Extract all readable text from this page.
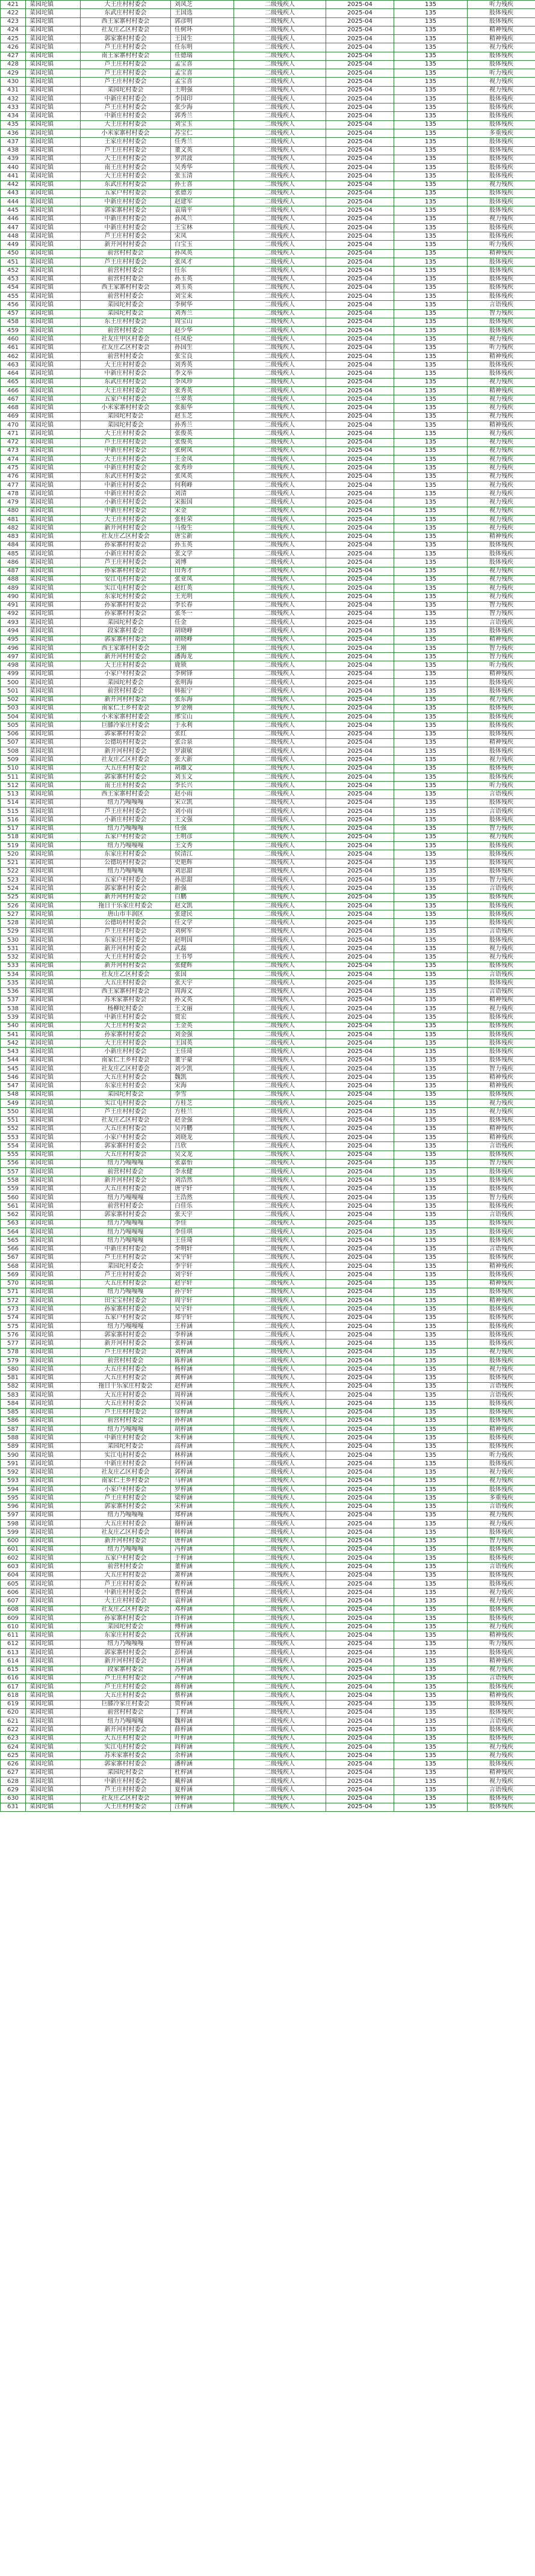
421	菜园坨镇	大王庄村村委会	刘凤芝	二级残疾人	2025-04	135	听力残疾
422	菜园坨镇	东武庄村村委会	王国选	二级残疾人	2025-04	135	肢体残疾
423	菜园坨镇	西王家寨村村委会	郭彦明	二级残疾人	2025-04	135	肢体残疾
424	菜园坨镇	社友庄乙区村委会	任树环	二级残疾人	2025-04	135	精神残疾
425	菜园坨镇	郭家寨村村委会	王国生	二级残疾人	2025-04	135	精神残疾
426	菜园坨镇	芦王庄村村委会	任东明	二级残疾人	2025-04	135	视力残疾
427	菜园坨镇	南王家寨村村委会	任德瑞	二级残疾人	2025-04	135	肢体残疾
428	菜园坨镇	芦王庄村村委会	孟宝喜	二级残疾人	2025-04	135	肢体残疾
429	菜园坨镇	芦王庄村村委会	孟宝喜	二级残疾人	2025-04	135	听力残疾
430	菜园坨镇	芦王庄村村委会	孟宝喜	二级残疾人	2025-04	135	视力残疾
431	菜园坨镇	菜园坨村委会	王明强	二级残疾人	2025-04	135	视力残疾
432	菜园坨镇	中新庄村村委会	李国印	二级残疾人	2025-04	135	肢体残疾
433	菜园坨镇	芦王庄村村委会	张少海	二级残疾人	2025-04	135	肢体残疾
434	菜园坨镇	中新庄村村委会	郭秀兰	二级残疾人	2025-04	135	肢体残疾
435	菜园坨镇	大王庄村村委会	刘宝玉	二级残疾人	2025-04	135	肢体残疾
436	菜园坨镇	小米家寨村村委会	苏宝仁	二级残疾人	2025-04	135	多重残疾
437	菜园坨镇	王家庄村村委会	任秀兰	二级残疾人	2025-04	135	肢体残疾
438	菜园坨镇	芦王庄村村委会	董文英	二级残疾人	2025-04	135	肢体残疾
439	菜园坨镇	大王庄村村委会	罗洪波	二级残疾人	2025-04	135	肢体残疾
440	菜园坨镇	南王庄村村委会	吴秀华	二级残疾人	2025-04	135	肢体残疾
441	菜园坨镇	大王庄村村委会	张玉清	二级残疾人	2025-04	135	肢体残疾
442	菜园坨镇	东武庄村村委会	孙士喜	二级残疾人	2025-04	135	视力残疾
443	菜园坨镇	五家户村村委会	张德芳	二级残疾人	2025-04	135	肢体残疾
444	菜园坨镇	中新庄村村委会	赵建军	二级残疾人	2025-04	135	肢体残疾
445	菜园坨镇	郭家寨村村委会	袁瑞平	二级残疾人	2025-04	135	肢体残疾
446	菜园坨镇	中新庄村村委会	孙凤兰	二级残疾人	2025-04	135	视力残疾
447	菜园坨镇	中新庄村村委会	王宝林	二级残疾人	2025-04	135	肢体残疾
448	菜园坨镇	芦王庄村村委会	宋凤	二级残疾人	2025-04	135	肢体残疾
449	菜园坨镇	新开河村村委会	白宝玉	二级残疾人	2025-04	135	听力残疾
450	菜园坨镇	前营村村委会	孙凤英	二级残疾人	2025-04	135	精神残疾
451	菜园坨镇	芦王庄村村委会	张凤才	二级残疾人	2025-04	135	肢体残疾
452	菜园坨镇	前营村村委会	任东	二级残疾人	2025-04	135	肢体残疾
453	菜园坨镇	前营村村委会	孙玉英	二级残疾人	2025-04	135	肢体残疾
454	菜园坨镇	西王家寨村村委会	刘玉英	二级残疾人	2025-04	135	肢体残疾
455	菜园坨镇	前营村村委会	刘宝来	二级残疾人	2025-04	135	肢体残疾
456	菜园坨镇	菜园坨村委会	李树华	二级残疾人	2025-04	135	言语残疾
457	菜园坨镇	菜园坨村委会	刘秀兰	二级残疾人	2025-04	135	智力残疾
458	菜园坨镇	东王庄村村委会	周宝山	二级残疾人	2025-04	135	肢体残疾
459	菜园坨镇	前营村村委会	赵少华	二级残疾人	2025-04	135	肢体残疾
460	菜园坨镇	社友庄甲区村委会	任凤伦	二级残疾人	2025-04	135	视力残疾
461	菜园坨镇	社友庄乙区村委会	孙国生	二级残疾人	2025-04	135	听力残疾
462	菜园坨镇	前营村村委会	张宝良	二级残疾人	2025-04	135	精神残疾
463	菜园坨镇	大王庄村村委会	刘秀英	二级残疾人	2025-04	135	肢体残疾
464	菜园坨镇	中新庄村村委会	李文举	二级残疾人	2025-04	135	肢体残疾
465	菜园坨镇	东武庄村村委会	李凤珍	二级残疾人	2025-04	135	视力残疾
466	菜园坨镇	大王庄村村委会	张秀英	二级残疾人	2025-04	135	精神残疾
467	菜园坨镇	五家户村村委会	兰翠英	二级残疾人	2025-04	135	视力残疾
468	菜园坨镇	小米家寨村村委会	张振华	二级残疾人	2025-04	135	视力残疾
469	菜园坨镇	菜园坨村委会	赵玉芝	二级残疾人	2025-04	135	视力残疾
470	菜园坨镇	菜园坨村委会	孙秀兰	二级残疾人	2025-04	135	精神残疾
471	菜园坨镇	大王庄村村委会	张俊英	二级残疾人	2025-04	135	视力残疾
472	菜园坨镇	芦王庄村村委会	张俊英	二级残疾人	2025-04	135	视力残疾
473	菜园坨镇	中新庄村村委会	张树凤	二级残疾人	2025-04	135	视力残疾
474	菜园坨镇	大王庄村村委会	王金凤	二级残疾人	2025-04	135	视力残疾
475	菜园坨镇	中新庄村村委会	张秀珍	二级残疾人	2025-04	135	视力残疾
476	菜园坨镇	东武庄村村委会	张凤英	二级残疾人	2025-04	135	视力残疾
477	菜园坨镇	中新庄村村委会	何利峰	二级残疾人	2025-04	135	视力残疾
478	菜园坨镇	中新庄村村委会	刘清	二级残疾人	2025-04	135	视力残疾
479	菜园坨镇	小新庄村村委会	宋振国	二级残疾人	2025-04	135	视力残疾
480	菜园坨镇	中新庄村村委会	宋金	二级残疾人	2025-04	135	视力残疾
481	菜园坨镇	大王庄村村委会	张桂荣	二级残疾人	2025-04	135	视力残疾
482	菜园坨镇	新开河村村委会	马俊生	二级残疾人	2025-04	135	视力残疾
483	菜园坨镇	社友庄乙区村委会	唐宝新	二级残疾人	2025-04	135	精神残疾
484	菜园坨镇	孙家寨村村委会	孙玉英	二级残疾人	2025-04	135	肢体残疾
485	菜园坨镇	小新庄村村委会	张文学	二级残疾人	2025-04	135	肢体残疾
486	菜园坨镇	芦王庄村村委会	刘博	二级残疾人	2025-04	135	肢体残疾
487	菜园坨镇	孙家寨村村委会	田秀才	二级残疾人	2025-04	135	视力残疾
488	菜园坨镇	安江屯村村委会	张亚凤	二级残疾人	2025-04	135	视力残疾
489	菜园坨镇	实江屯村村委会	赵红英	二级残疾人	2025-04	135	视力残疾
490	菜园坨镇	东家坨村村委会	王光明	二级残疾人	2025-04	135	视力残疾
491	菜园坨镇	孙家寨村村委会	李长春	二级残疾人	2025-04	135	智力残疾
492	菜园坨镇	孙家寨村村委会	张冬一	二级残疾人	2025-04	135	智力残疾
493	菜园坨镇	菜园坨村委会	任金	二级残疾人	2025-04	135	言语残疾
494	菜园坨镇	段家寨村委会	胡晓峰	二级残疾人	2025-04	135	肢体残疾
495	菜园坨镇	郭家寨村村委会	胡晓峰	二级残疾人	2025-04	135	精神残疾
496	菜园坨镇	西王家寨村村委会	王刚	二级残疾人	2025-04	135	智力残疾
497	菜园坨镇	新开河村村委会	潘海龙	二级残疾人	2025-04	135	智力残疾
498	菜园坨镇	大王庄村村委会	鹿锁	二级残疾人	2025-04	135	听力残疾
499	菜园坨镇	小家户村村委会	李树锋	二级残疾人	2025-04	135	精神残疾
500	菜园坨镇	菜园坨村委会	张明海	二级残疾人	2025-04	135	肢体残疾
501	菜园坨镇	前营村村委会	韩振宁	二级残疾人	2025-04	135	肢体残疾
502	菜园坨镇	新开河村村委会	张东海	二级残疾人	2025-04	135	视力残疾
503	菜园坨镇	南家仁王乡村委会	罗金刚	二级残疾人	2025-04	135	肢体残疾
504	菜园坨镇	小米家寨村村委会	邢宝山	二级残疾人	2025-04	135	肢体残疾
505	菜园坨镇	巨膝冷家庄村委会	于永利	二级残疾人	2025-04	135	肢体残疾
506	菜园坨镇	郭家寨村村委会	张红	二级残疾人	2025-04	135	肢体残疾
507	菜园坨镇	公德坊村村委会	张合泉	二级残疾人	2025-04	135	精神残疾
508	菜园坨镇	新开河村村委会	罗淑敏	二级残疾人	2025-04	135	肢体残疾
509	菜园坨镇	社友庄乙区村委会	张大新	二级残疾人	2025-04	135	视力残疾
510	菜园坨镇	大五庄村村委会	胡雄文	二级残疾人	2025-04	135	肢体残疾
511	菜园坨镇	郭家寨村村委会	刘玉文	二级残疾人	2025-04	135	肢体残疾
512	菜园坨镇	南王庄村村委会	李长兴	二级残疾人	2025-04	135	听力残疾
513	菜园坨镇	西王家寨村村委会	赵小雨	二级残疾人	2025-04	135	言语残疾
514	菜园坨镇	纽力乃嘎嘎嘎	宋立凯	二级残疾人	2025-04	135	肢体残疾
515	菜园坨镇	芦王庄村村委会	刘小雨	二级残疾人	2025-04	135	言语残疾
516	菜园坨镇	小新庄村村委会	王文强	二级残疾人	2025-04	135	肢体残疾
517	菜园坨镇	纽力乃嘎嘎嘎	任强	二级残疾人	2025-04	135	智力残疾
518	菜园坨镇	五家户村村委会	王明彦	二级残疾人	2025-04	135	视力残疾
519	菜园坨镇	纽力乃嘎嘎嘎	王文秀	二级残疾人	2025-04	135	肢体残疾
520	菜园坨镇	东家庄村村委会	侯清江	二级残疾人	2025-04	135	肢体残疾
521	菜园坨镇	公德坊村村委会	史艳辉	二级残疾人	2025-04	135	肢体残疾
522	菜园坨镇	纽力乃嘎嘎嘎	刘思甜	二级残疾人	2025-04	135	肢体残疾
523	菜园坨镇	五家户村村委会	孙思甜	二级残疾人	2025-04	135	智力残疾
524	菜园坨镇	郭家寨村村委会	新强	二级残疾人	2025-04	135	言语残疾
525	菜园坨镇	新开河村村委会	白鹏	二级残疾人	2025-04	135	肢体残疾
526	菜园坨镇	拖日干乐家庄村委会	赵文凯	二级残疾人	2025-04	135	肢体残疾
527	菜园坨镇	唐山市丰润区	张建民	二级残疾人	2025-04	135	肢体残疾
528	菜园坨镇	公德坊村村委会	任文学	二级残疾人	2025-04	135	肢体残疾
529	菜园坨镇	芦王庄村村委会	刘树军	二级残疾人	2025-04	135	言语残疾
530	菜园坨镇	东家庄村村委会	赵明国	二级残疾人	2025-04	135	肢体残疾
531	菜园坨镇	新开河村村委会	武磊	二级残疾人	2025-04	135	视力残疾
532	菜园坨镇	大王庄村村委会	王书琴	二级残疾人	2025-04	135	视力残疾
533	菜园坨镇	新开河村村委会	张健辉	二级残疾人	2025-04	135	肢体残疾
534	菜园坨镇	社友庄乙区村委会	张国	二级残疾人	2025-04	135	言语残疾
535	菜园坨镇	大五庄村村委会	张天宇	二级残疾人	2025-04	135	肢体残疾
536	菜园坨镇	西王家寨村村委会	周海文	二级残疾人	2025-04	135	言语残疾
537	菜园坨镇	苏米家寨村委会	孙文英	二级残疾人	2025-04	135	精神残疾
538	菜园坨镇	杨柳坨村委会	王文丽	二级残疾人	2025-04	135	视力残疾
539	菜园坨镇	中新庄村村委会	贾宏	二级残疾人	2025-04	135	肢体残疾
540	菜园坨镇	大王庄村村委会	王金英	二级残疾人	2025-04	135	肢体残疾
541	菜园坨镇	孙家寨村村委会	刘金强	二级残疾人	2025-04	135	肢体残疾
542	菜园坨镇	大王庄村村委会	王国英	二级残疾人	2025-04	135	肢体残疾
543	菜园坨镇	小新庄村村委会	王佳琦	二级残疾人	2025-04	135	肢体残疾
544	菜园坨镇	南家仁王乡村委会	董宇豪	二级残疾人	2025-04	135	肢体残疾
545	菜园坨镇	社友庄乙区村委会	刘少凯	二级残疾人	2025-04	135	智力残疾
546	菜园坨镇	大五庄村村委会	魏凯	二级残疾人	2025-04	135	精神残疾
547	菜园坨镇	东家庄村村委会	宋海	二级残疾人	2025-04	135	精神残疾
548	菜园坨镇	菜园坨村委会	李雪	二级残疾人	2025-04	135	肢体残疾
549	菜园坨镇	实江屯村村委会	方桂芝	二级残疾人	2025-04	135	视力残疾
550	菜园坨镇	芦王庄村村委会	方桂兰	二级残疾人	2025-04	135	视力残疾
551	菜园坨镇	社友庄乙区村委会	赵金强	二级残疾人	2025-04	135	肢体残疾
552	菜园坨镇	大五庄村村委会	吴丹鹏	二级残疾人	2025-04	135	精神残疾
553	菜园坨镇	小家户村村委会	刘晓龙	二级残疾人	2025-04	135	精神残疾
554	菜园坨镇	郭家寨村村委会	吕欣	二级残疾人	2025-04	135	言语残疾
555	菜园坨镇	大五庄村村委会	吴文龙	二级残疾人	2025-04	135	肢体残疾
556	菜园坨镇	纽力乃嘎嘎嘎	张嘉怡	二级残疾人	2025-04	135	智力残疾
557	菜园坨镇	前营村村委会	李永健	二级残疾人	2025-04	135	肢体残疾
558	菜园坨镇	新开河村村委会	刘浩然	二级残疾人	2025-04	135	肢体残疾
559	菜园坨镇	大五庄村村委会	唐宇轩	二级残疾人	2025-04	135	肢体残疾
560	菜园坨镇	纽力乃嘎嘎嘎	王浩然	二级残疾人	2025-04	135	智力残疾
561	菜园坨镇	前营村村委会	白佳乐	二级残疾人	2025-04	135	肢体残疾
562	菜园坨镇	郭家寨村村委会	张天宇	二级残疾人	2025-04	135	言语残疾
563	菜园坨镇	纽力乃嘎嘎嘎	李佳	二级残疾人	2025-04	135	肢体残疾
564	菜园坨镇	纽力乃嘎嘎嘎	李佳琪	二级残疾人	2025-04	135	肢体残疾
565	菜园坨镇	纽力乃嘎嘎嘎	王佳琦	二级残疾人	2025-04	135	肢体残疾
566	菜园坨镇	中新庄村村委会	李明轩	二级残疾人	2025-04	135	言语残疾
567	菜园坨镇	芦王庄村村委会	宋宇轩	二级残疾人	2025-04	135	肢体残疾
568	菜园坨镇	菜园坨村委会	李宇轩	二级残疾人	2025-04	135	精神残疾
569	菜园坨镇	芦王庄村村委会	刘宇轩	二级残疾人	2025-04	135	肢体残疾
570	菜园坨镇	大五庄村村委会	赵宇轩	二级残疾人	2025-04	135	精神残疾
571	菜园坨镇	纽力乃嘎嘎嘎	孙宇轩	二级残疾人	2025-04	135	肢体残疾
572	菜园坨镇	田宝宝村村委会	周宇轩	二级残疾人	2025-04	135	精神残疾
573	菜园坨镇	孙家寨村村委会	吴宇轩	二级残疾人	2025-04	135	肢体残疾
574	菜园坨镇	五家户村村委会	郑宇轩	二级残疾人	2025-04	135	肢体残疾
575	菜园坨镇	纽力乃嘎嘎嘎	王梓涵	二级残疾人	2025-04	135	肢体残疾
576	菜园坨镇	郭家寨村村委会	李梓涵	二级残疾人	2025-04	135	肢体残疾
577	菜园坨镇	新开河村村委会	张梓涵	二级残疾人	2025-04	135	肢体残疾
578	菜园坨镇	芦王庄村村委会	刘梓涵	二级残疾人	2025-04	135	视力残疾
579	菜园坨镇	前营村村委会	陈梓涵	二级残疾人	2025-04	135	肢体残疾
580	菜园坨镇	大五庄村村委会	杨梓涵	二级残疾人	2025-04	135	视力残疾
581	菜园坨镇	大五庄村村委会	黄梓涵	二级残疾人	2025-04	135	肢体残疾
582	菜园坨镇	拖日干乐家庄村委会	赵梓涵	二级残疾人	2025-04	135	言语残疾
583	菜园坨镇	大五庄村村委会	周梓涵	二级残疾人	2025-04	135	言语残疾
584	菜园坨镇	大五庄村村委会	吴梓涵	二级残疾人	2025-04	135	肢体残疾
585	菜园坨镇	芦王庄村村委会	徐梓涵	二级残疾人	2025-04	135	肢体残疾
586	菜园坨镇	前营村村委会	孙梓涵	二级残疾人	2025-04	135	肢体残疾
587	菜园坨镇	纽力乃嘎嘎嘎	胡梓涵	二级残疾人	2025-04	135	精神残疾
588	菜园坨镇	中新庄村村委会	朱梓涵	二级残疾人	2025-04	135	肢体残疾
589	菜园坨镇	菜园坨村委会	高梓涵	二级残疾人	2025-04	135	肢体残疾
590	菜园坨镇	实江屯村村委会	林梓涵	二级残疾人	2025-04	135	听力残疾
591	菜园坨镇	中新庄村村委会	何梓涵	二级残疾人	2025-04	135	肢体残疾
592	菜园坨镇	社友庄乙区村委会	郭梓涵	二级残疾人	2025-04	135	视力残疾
593	菜园坨镇	南家仁王乡村委会	马梓涵	二级残疾人	2025-04	135	视力残疾
594	菜园坨镇	小家户村村委会	罗梓涵	二级残疾人	2025-04	135	肢体残疾
595	菜园坨镇	芦王庄村村委会	梁梓涵	二级残疾人	2025-04	135	多重残疾
596	菜园坨镇	郭家寨村村委会	宋梓涵	二级残疾人	2025-04	135	言语残疾
597	菜园坨镇	纽力乃嘎嘎嘎	郑梓涵	二级残疾人	2025-04	135	视力残疾
598	菜园坨镇	大五庄村村委会	谢梓涵	二级残疾人	2025-04	135	视力残疾
599	菜园坨镇	社友庄乙区村委会	韩梓涵	二级残疾人	2025-04	135	肢体残疾
600	菜园坨镇	新开河村村委会	唐梓涵	二级残疾人	2025-04	135	智力残疾
601	菜园坨镇	纽力乃嘎嘎嘎	冯梓涵	二级残疾人	2025-04	135	肢体残疾
602	菜园坨镇	五家户村村委会	于梓涵	二级残疾人	2025-04	135	肢体残疾
603	菜园坨镇	前营村村委会	董梓涵	二级残疾人	2025-04	135	言语残疾
604	菜园坨镇	大五庄村村委会	萧梓涵	二级残疾人	2025-04	135	肢体残疾
605	菜园坨镇	芦王庄村村委会	程梓涵	二级残疾人	2025-04	135	肢体残疾
606	菜园坨镇	中新庄村村委会	曹梓涵	二级残疾人	2025-04	135	视力残疾
607	菜园坨镇	大王庄村村委会	袁梓涵	二级残疾人	2025-04	135	视力残疾
608	菜园坨镇	社友庄乙区村委会	邓梓涵	二级残疾人	2025-04	135	肢体残疾
609	菜园坨镇	孙家寨村村委会	许梓涵	二级残疾人	2025-04	135	肢体残疾
610	菜园坨镇	菜园坨村委会	傅梓涵	二级残疾人	2025-04	135	视力残疾
611	菜园坨镇	东家庄村村委会	沈梓涵	二级残疾人	2025-04	135	精神残疾
612	菜园坨镇	纽力乃嘎嘎嘎	曾梓涵	二级残疾人	2025-04	135	听力残疾
613	菜园坨镇	郭家寨村村委会	彭梓涵	二级残疾人	2025-04	135	肢体残疾
614	菜园坨镇	新开河村村委会	吕梓涵	二级残疾人	2025-04	135	精神残疾
615	菜园坨镇	段家寨村委会	苏梓涵	二级残疾人	2025-04	135	视力残疾
616	菜园坨镇	芦王庄村村委会	卢梓涵	二级残疾人	2025-04	135	言语残疾
617	菜园坨镇	芦王庄村村委会	蒋梓涵	二级残疾人	2025-04	135	肢体残疾
618	菜园坨镇	大五庄村村委会	蔡梓涵	二级残疾人	2025-04	135	精神残疾
619	菜园坨镇	巨膝冷家庄村委会	贾梓涵	二级残疾人	2025-04	135	肢体残疾
620	菜园坨镇	前营村村委会	丁梓涵	二级残疾人	2025-04	135	肢体残疾
621	菜园坨镇	纽力乃嘎嘎嘎	魏梓涵	二级残疾人	2025-04	135	言语残疾
622	菜园坨镇	新开河村村委会	薛梓涵	二级残疾人	2025-04	135	肢体残疾
623	菜园坨镇	大五庄村村委会	叶梓涵	二级残疾人	2025-04	135	肢体残疾
624	菜园坨镇	实江屯村村委会	阎梓涵	二级残疾人	2025-04	135	视力残疾
625	菜园坨镇	苏米家寨村委会	余梓涵	二级残疾人	2025-04	135	视力残疾
626	菜园坨镇	郭家寨村村委会	潘梓涵	二级残疾人	2025-04	135	肢体残疾
627	菜园坨镇	菜园坨村委会	杜梓涵	二级残疾人	2025-04	135	精神残疾
628	菜园坨镇	中新庄村村委会	戴梓涵	二级残疾人	2025-04	135	视力残疾
629	菜园坨镇	芦王庄村村委会	夏梓涵	二级残疾人	2025-04	135	言语残疾
630	菜园坨镇	社友庄乙区村委会	钟梓涵	二级残疾人	2025-04	135	肢体残疾
631	菜园坨镇	大王庄村村委会	汪梓涵	二级残疾人	2025-04	135	肢体残疾
